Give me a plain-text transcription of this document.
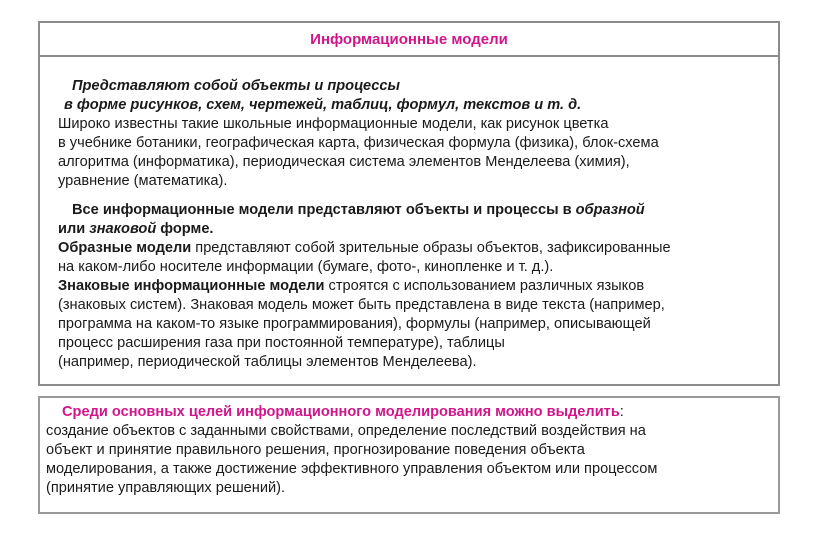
Информационные модели

Представляют собой объекты и процессы

в форме рисунков, схем, чертежей, таблиц, формул, текстов и т. д.

Широко известны такие школьные информационные модели, как рисунок цветка

в учебнике ботаники, географическая карта, физическая формула (физика), блок-схема

алгоритма (информатика), периодическая система элементов Менделеева (химия),

уравнение (математика).

Все информационные модели представляют объекты и процессы в образной

или знаковой форме.

Образные модели представляют собой зрительные образы объектов, зафиксированные

на каком-либо носителе информации (бумаге, фото-, кинопленке и т. д.).

Знаковые информационные модели строятся с использованием различных языков

(знаковых систем). Знаковая модель может быть представлена в виде текста (например,

программа на каком-то языке программирования), формулы (например, описывающей

процесс расширения газа при постоянной температуре), таблицы

(например, периодической таблицы элементов Менделеева).

Среди основных целей информационного моделирования можно выделить:

создание объектов с заданными свойствами, определение последствий воздействия на

объект и принятие правильного решения, прогнозирование поведения объекта

моделирования, а также достижение эффективного управления объектом или процессом

(принятие управляющих решений).
